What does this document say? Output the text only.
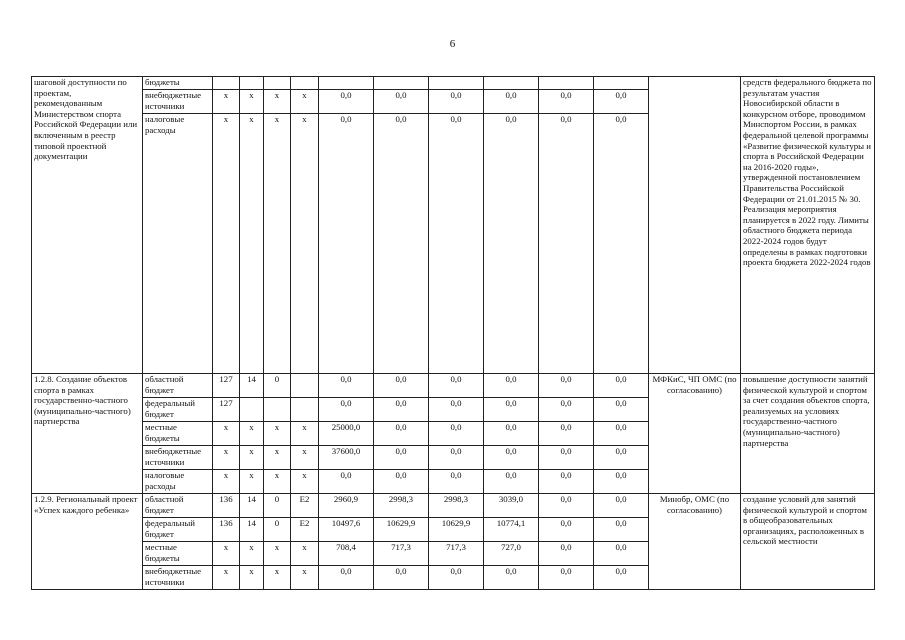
6
шаговой доступности по проектам, рекомендованным Министерством спорта Российской Федерации или включенным в реестр типовой проектной документации	бюджеты												средств федерального бюджета по результатам участия Новосибирской области в конкурсном отборе, проводимом Минспортом России, в рамках федеральной целевой программы «Развитие физической культуры и спорта в Российской Федерации на 2016-2020 годы», утвержденной постановлением Правительства Российской Федерации от 21.01.2015 № 30. Реализация мероприятия планируется в 2022 году. Лимиты областного бюджета периода 2022-2024 годов будут определены в рамках подготовки проекта бюджета 2022-2024 годов
	внебюджетные источники	x	x	x	x	0,0	0,0	0,0	0,0	0,0	0,0		
	налоговые расходы	x	x	x	x	0,0	0,0	0,0	0,0	0,0	0,0		
1.2.8. Создание объектов спорта в рамках государственно-частного (муниципально-частного) партнерства	областной бюджет	127	14	0		0,0	0,0	0,0	0,0	0,0	0,0	МФКиС, ЧП ОМС (по согласованию)	повышение доступности занятий физической культурой и спортом за счет создания объектов спорта, реализуемых на условиях государственно-частного (муниципально-частного) партнерства
	федеральный бюджет	127				0,0	0,0	0,0	0,0	0,0	0,0		
	местные бюджеты	x	x	x	x	25000,0	0,0	0,0	0,0	0,0	0,0		
	внебюджетные источники	x	x	x	x	37600,0	0,0	0,0	0,0	0,0	0,0		
	налоговые расходы	x	x	x	x	0,0	0,0	0,0	0,0	0,0	0,0		
1.2.9. Региональный проект «Успех каждого ребенка»	областной бюджет	136	14	0	E2	2960,9	2998,3	2998,3	3039,0	0,0	0,0	Минобр, ОМС (по согласованию)	создание условий для занятий физической культурой и спортом в общеобразовательных организациях, расположенных в сельской местности
	федеральный бюджет	136	14	0	E2	10497,6	10629,9	10629,9	10774,1	0,0	0,0		
	местные бюджеты	x	x	x	x	708,4	717,3	717,3	727,0	0,0	0,0		
	внебюджетные источники	x	x	x	x	0,0	0,0	0,0	0,0	0,0	0,0		
